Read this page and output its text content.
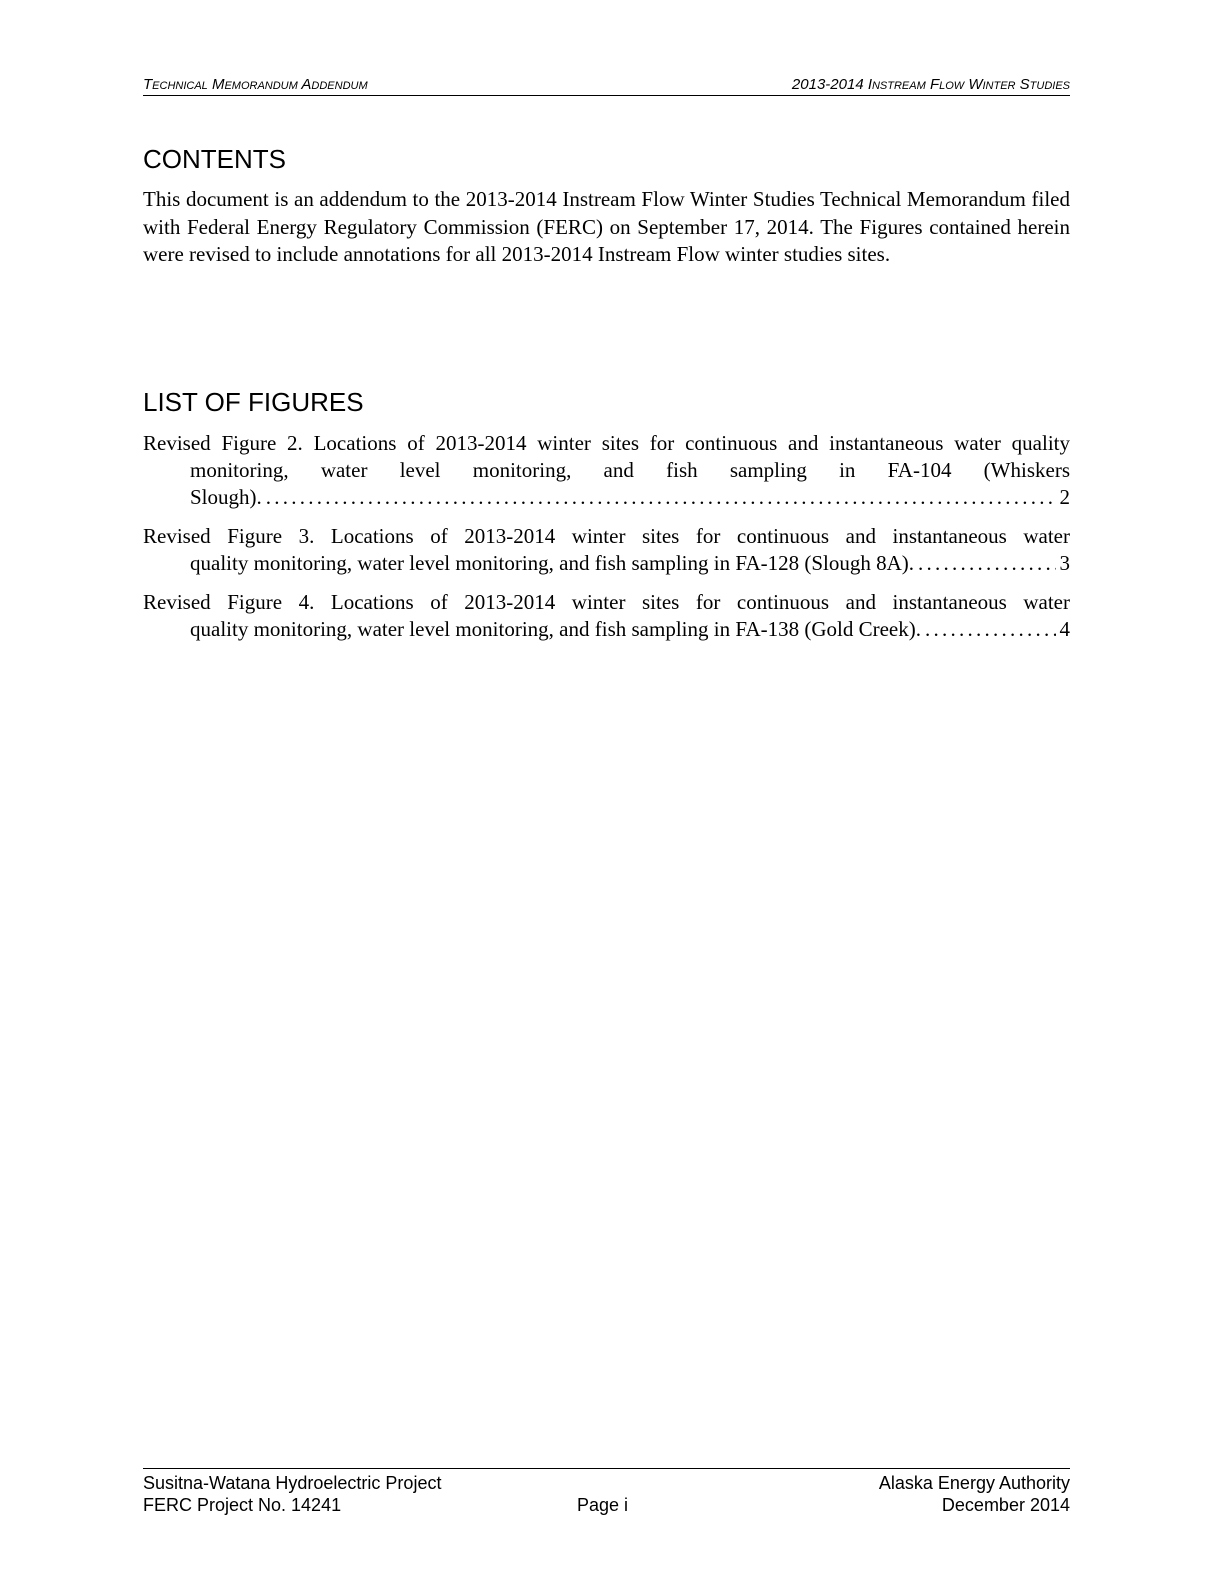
Technical Memorandum Addendum	2013-2014 Instream Flow Winter Studies
CONTENTS

This document is an addendum to the 2013-2014 Instream Flow Winter Studies Technical Memorandum filed with Federal Energy Regulatory Commission (FERC) on September 17, 2014. The Figures contained herein were revised to include annotations for all 2013-2014 Instream Flow winter studies sites.

LIST OF FIGURES
Revised Figure 2. Locations of 2013-2014 winter sites for continuous and instantaneous water quality monitoring, water level monitoring, and fish sampling in FA-104 (Whiskers
Slough). . . .	2
Revised Figure 3. Locations of 2013-2014 winter sites for continuous and instantaneous water
quality monitoring, water level monitoring, and fish sampling in FA-128 (Slough 8A). . . .	3
Revised Figure 4. Locations of 2013-2014 winter sites for continuous and instantaneous water
quality monitoring, water level monitoring, and fish sampling in FA-138 (Gold Creek). . . .	4
Susitna-Watana Hydroelectric Project	Alaska Energy Authority
FERC Project No. 14241	Page i	December 2014
